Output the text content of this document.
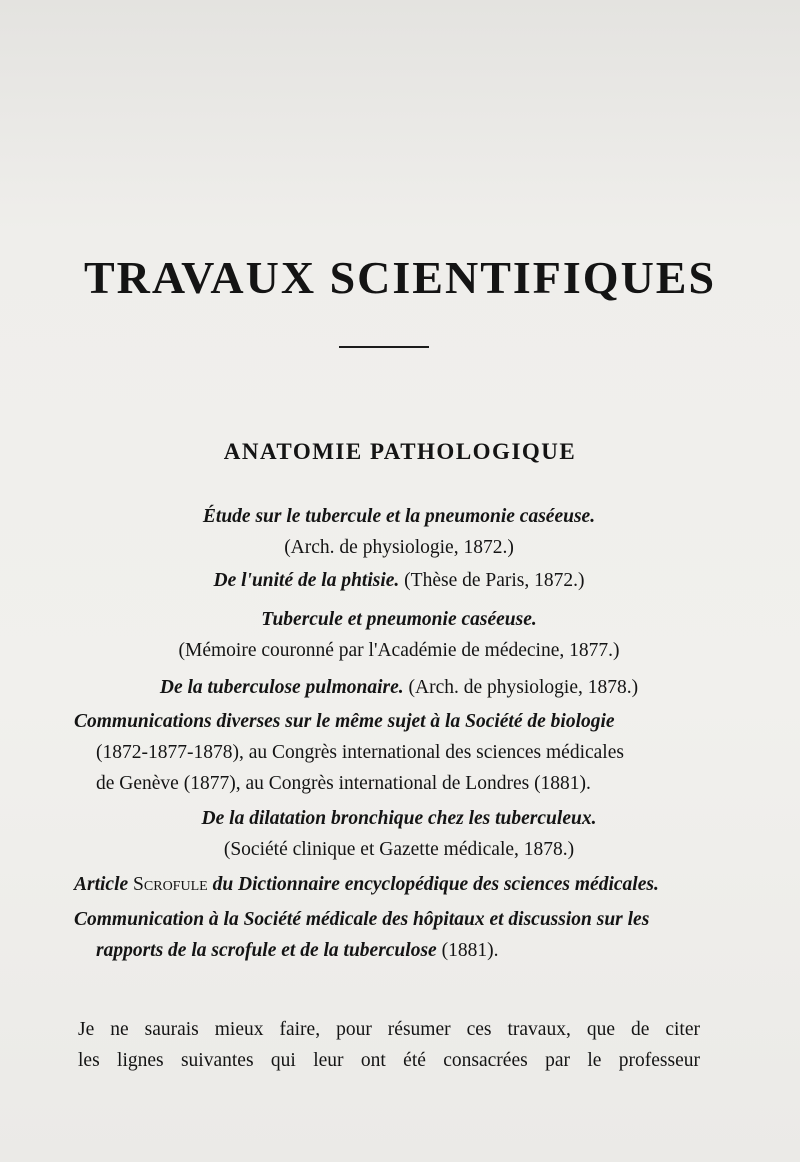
TRAVAUX SCIENTIFIQUES
ANATOMIE PATHOLOGIQUE
Étude sur le tubercule et la pneumonie caséeuse.
(Arch. de physiologie, 1872.)
De l'unité de la phtisie. (Thèse de Paris, 1872.)
Tubercule et pneumonie caséeuse.
(Mémoire couronné par l'Académie de médecine, 1877.)
De la tuberculose pulmonaire. (Arch. de physiologie, 1878.)
Communications diverses sur le même sujet à la Société de biologie
(1872-1877-1878), au Congrès international des sciences médicales
de Genève (1877), au Congrès international de Londres (1881).
De la dilatation bronchique chez les tuberculeux.
(Société clinique et Gazette médicale, 1878.)
Article Scrofule du Dictionnaire encyclopédique des sciences médicales.
Communication à la Société médicale des hôpitaux et discussion sur les
rapports de la scrofule et de la tuberculose (1881).
Je ne saurais mieux faire, pour résumer ces travaux, que de citer
les lignes suivantes qui leur ont été consacrées par le professeur
